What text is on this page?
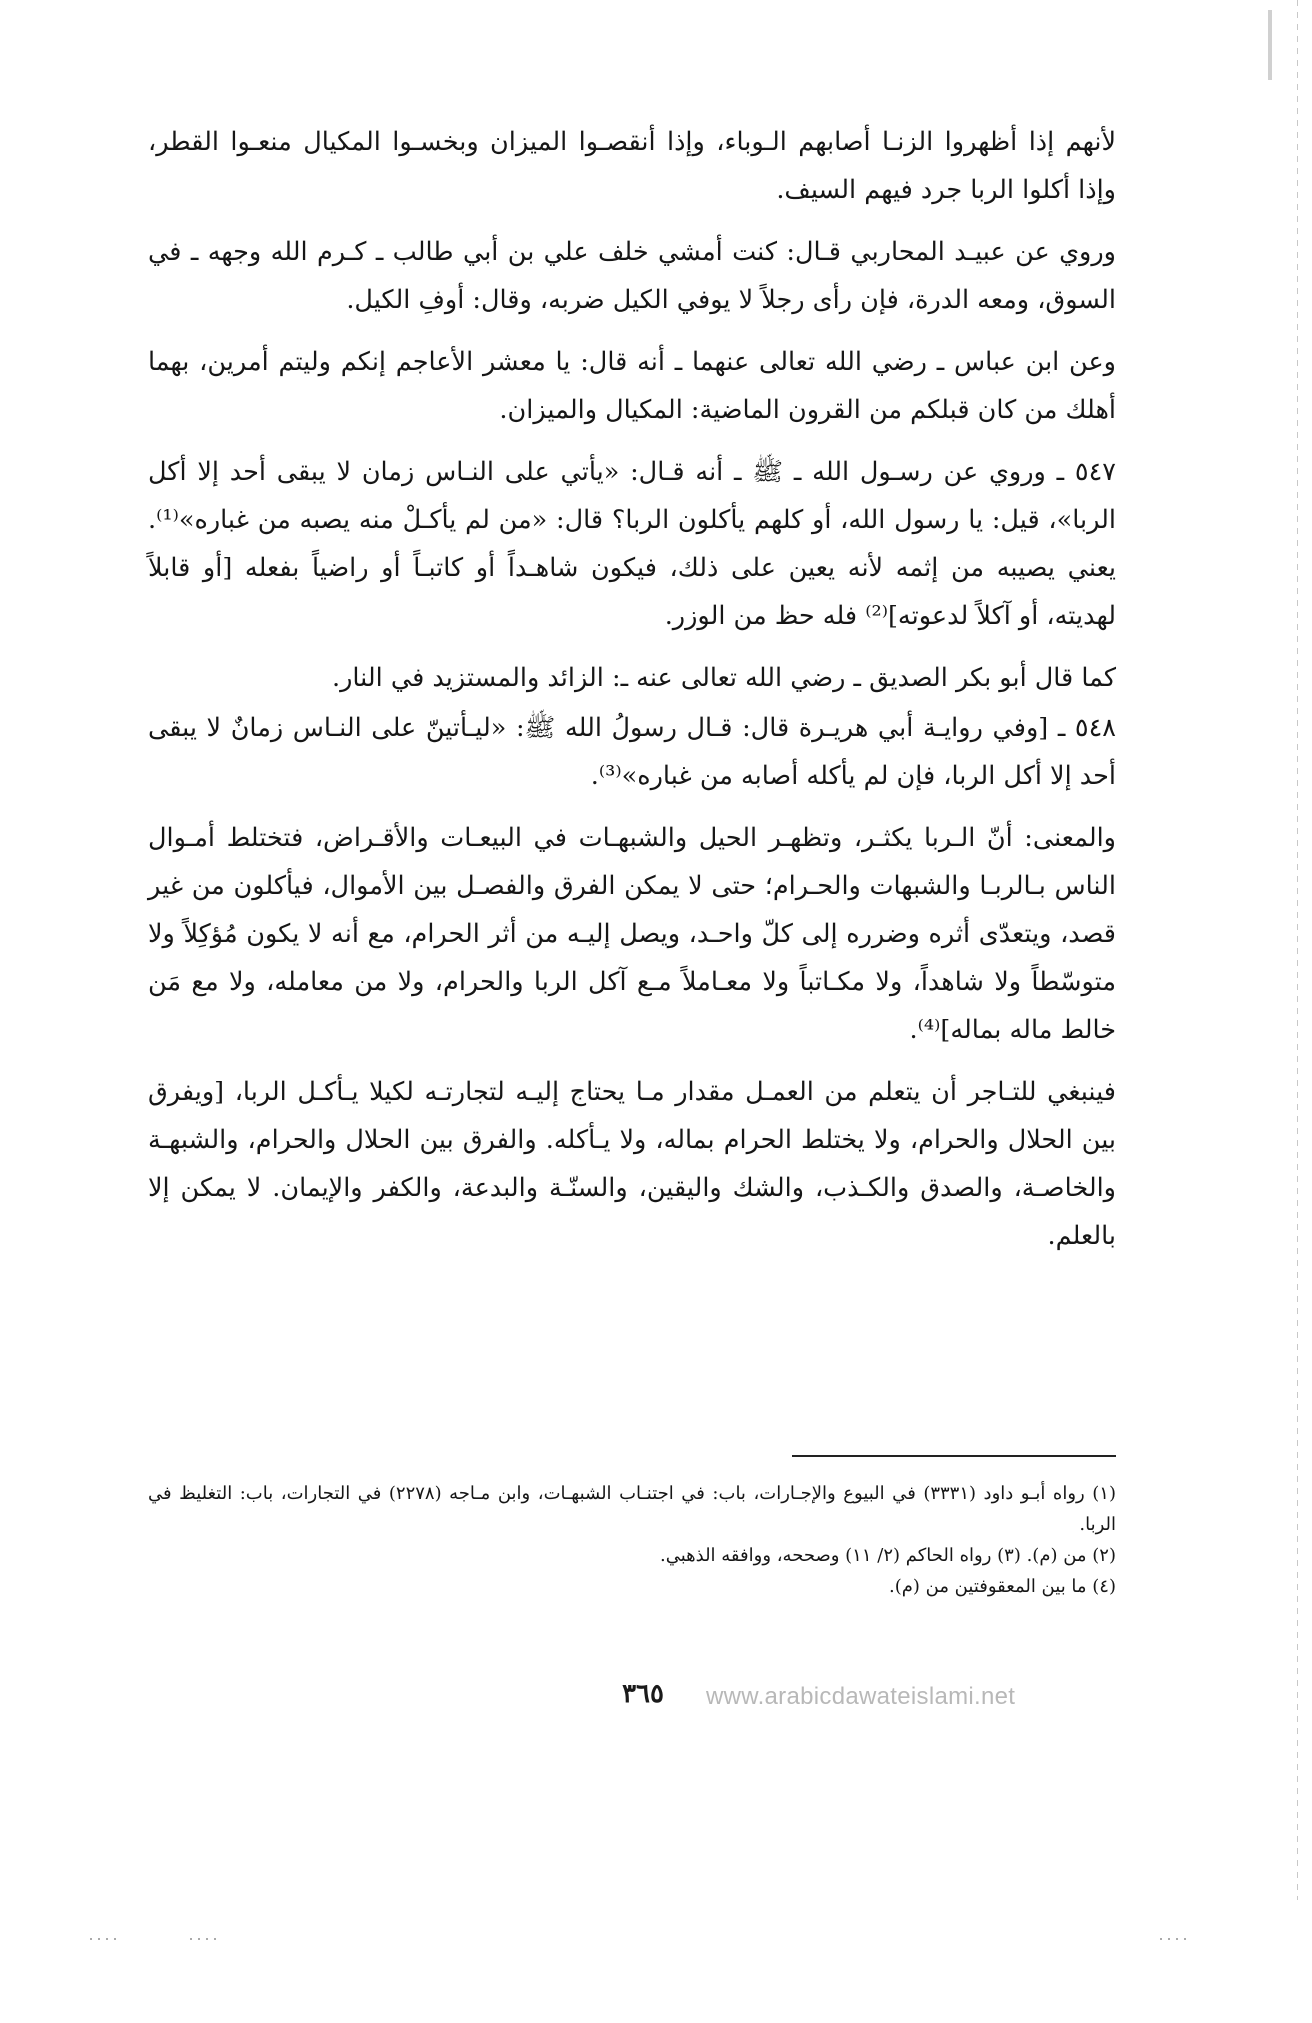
لأنهم إذا أظهروا الزنـا أصابهم الـوباء، وإذا أنقصـوا الميزان وبخسـوا المكيال منعـوا القطر، وإذا أكلوا الربا جرد فيهم السيف.

وروي عن عبيـد المحاربي قـال: كنت أمشي خلف علي بن أبي طالب ـ كـرم الله وجهه ـ في السوق، ومعه الدرة، فإن رأى رجلاً لا يوفي الكيل ضربه، وقال: أوفِ الكيل.

وعن ابن عباس ـ رضي الله تعالى عنهما ـ أنه قال: يا معشر الأعاجم إنكم وليتم أمرين، بهما أهلك من كان قبلكم من القرون الماضية: المكيال والميزان.

٥٤٧ ـ وروي عن رسـول الله ـ ﷺ ـ أنه قـال: «يأتي على النـاس زمان لا يبقى أحد إلا أكل الربا»، قيل: يا رسول الله، أو كلهم يأكلون الربا؟ قال: «من لم يأكـلْ منه يصبه من غباره»⁽¹⁾. يعني يصيبه من إثمه لأنه يعين على ذلك، فيكون شاهـداً أو كاتبـاً أو راضياً بفعله [أو قابلاً لهديته، أو آكلاً لدعوته]⁽²⁾ فله حظ من الوزر.

كما قال أبو بكر الصديق ـ رضي الله تعالى عنه ـ: الزائد والمستزيد في النار.

٥٤٨ ـ [وفي روايـة أبي هريـرة قال: قـال رسولُ الله ﷺ: «ليـأتينّ على النـاس زمانٌ لا يبقى أحد إلا أكل الربا، فإن لم يأكله أصابه من غباره»⁽³⁾.

والمعنى: أنّ الـربا يكثـر، وتظهـر الحيل والشبهـات في البيعـات والأقـراض، فتختلط أمـوال الناس بـالربـا والشبهات والحـرام؛ حتى لا يمكن الفرق والفصـل بين الأموال، فيأكلون من غير قصد، ويتعدّى أثره وضرره إلى كلّ واحـد، ويصل إليـه من أثر الحرام، مع أنه لا يكون مُؤكِلاً ولا متوسّطاً ولا شاهداً، ولا مكـاتباً ولا معـاملاً مـع آكل الربا والحرام، ولا من معامله، ولا مع مَن خالط ماله بماله]⁽⁴⁾.

فينبغي للتـاجر أن يتعلم من العمـل مقدار مـا يحتاج إليـه لتجارتـه لكيلا يـأكـل الربا، [ويفرق بين الحلال والحرام، ولا يختلط الحرام بماله، ولا يـأكله. والفرق بين الحلال والحرام، والشبهـة والخاصـة، والصدق والكـذب، والشك واليقين، والسنّـة والبدعة، والكفر والإيمان. لا يمكن إلا بالعلم.

(١) رواه أبـو داود (٣٣٣١) في البيوع والإجـارات، باب: في اجتنـاب الشبهـات، وابن مـاجه (٢٢٧٨) في التجارات، باب: التغليظ في الربا.

(٢) من (م). (٣) رواه الحاكم (٢/ ١١) وصححه، ووافقه الذهبي.

(٤) ما بين المعقوفتين من (م).

٣٦٥ www.arabicdawateislami.net
